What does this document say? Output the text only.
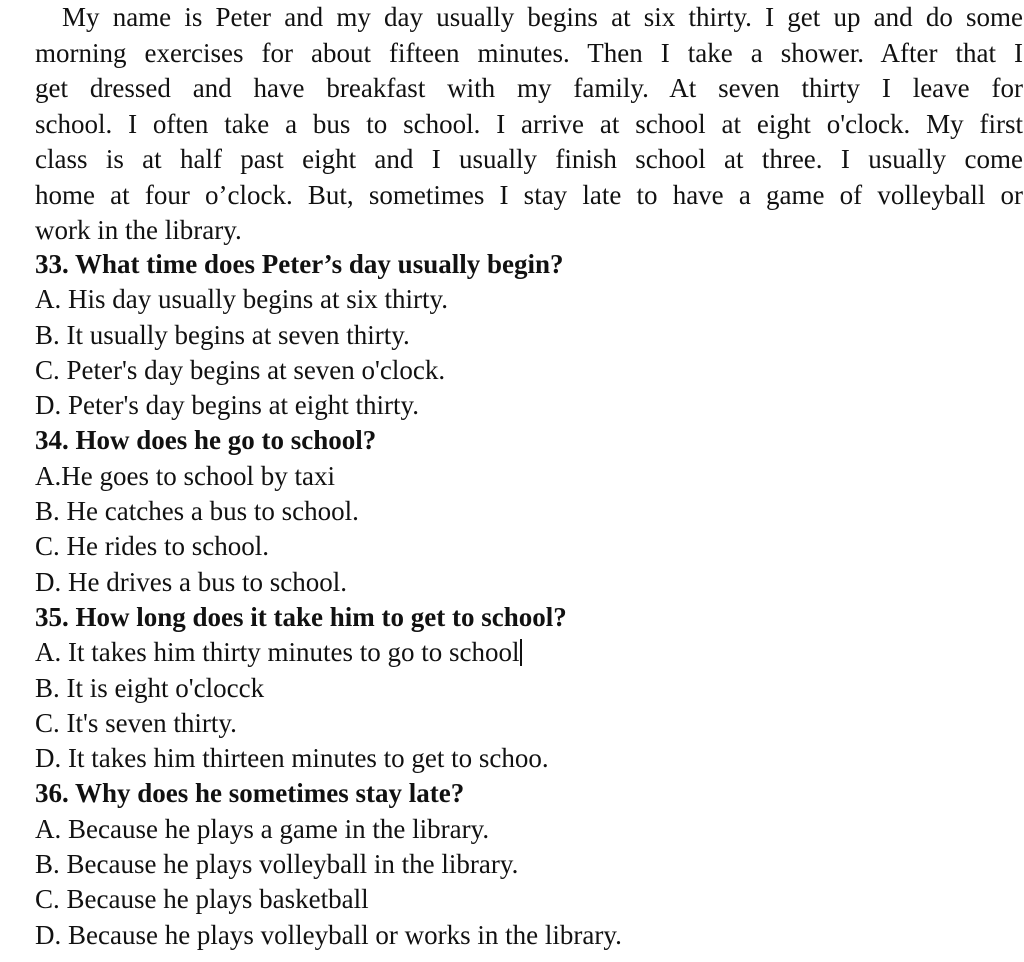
My name is Peter and my day usually begins at six thirty. I get up and do some
morning exercises for about fifteen minutes. Then I take a shower. After that I
get dressed and have breakfast with my family. At seven thirty I leave for
school. I often take a bus to school. I arrive at school at eight o'clock. My first
class is at half past eight and I usually finish school at three. I usually come
home at four o’clock. But, sometimes I stay late to have a game of volleyball or
work in the library.
33. What time does Peter’s day usually begin?
A. His day usually begins at six thirty.
B. It usually begins at seven thirty.
C. Peter's day begins at seven o'clock.
D. Peter's day begins at eight thirty.
34. How does he go to school?
A.He goes to school by taxi
B. He catches a bus to school.
C. He rides to school.
D. He drives a bus to school.
35. How long does it take him to get to school?
A. It takes him thirty minutes to go to school
B. It is eight o'clocck
C. It's seven thirty.
D. It takes him thirteen minutes to get to schoo.
36. Why does he sometimes stay late?
A. Because he plays a game in the library.
B. Because he plays volleyball in the library.
C. Because he plays basketball
D. Because he plays volleyball or works in the library.
